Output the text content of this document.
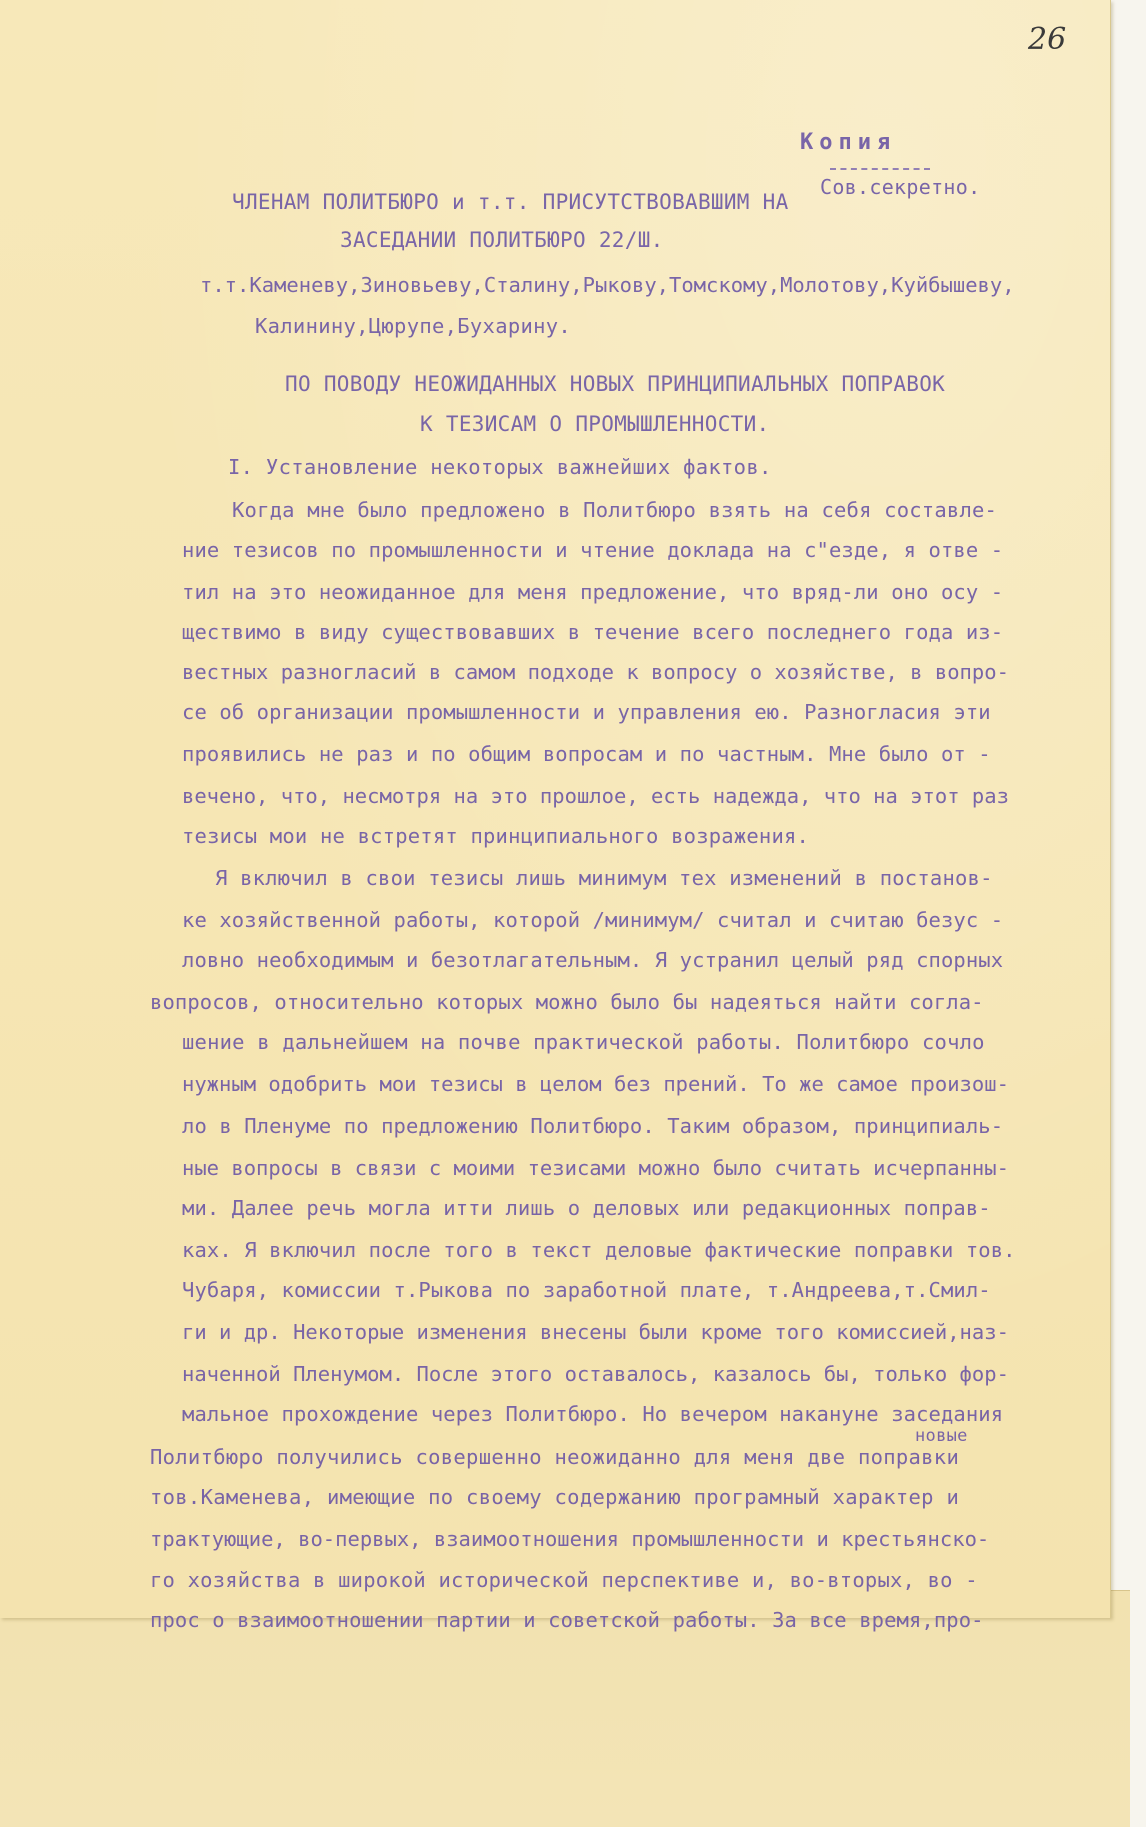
26
Копия
Сов.секретно.
ЧЛЕНАМ ПОЛИТБЮРО и т.т. ПРИСУТСТВОВАВШИМ НА
ЗАСЕДАНИИ ПОЛИТБЮРО 22/Ш.
т.т.Каменеву,Зиновьеву,Сталину,Рыкову,Томскому,Молотову,Куйбышеву,
Калинину,Цюрупе,Бухарину.
ПО ПОВОДУ НЕОЖИДАННЫХ НОВЫХ ПРИНЦИПИАЛЬНЫХ ПОПРАВОК
К ТЕЗИСАМ О ПРОМЫШЛЕННОСТИ.
I. Установление некоторых важнейших фактов.
Когда мне было предложено в Политбюро взять на себя составле-
ние тезисов по промышленности и чтение доклада на с"езде, я отве -
тил на это неожиданное для меня предложение, что вряд-ли оно осу -
ществимо в виду существовавших в течение всего последнего года из-
вестных разногласий в самом подходе к вопросу о хозяйстве, в вопро-
се об организации промышленности и управления ею. Разногласия эти
проявились не раз и по общим вопросам и по частным. Мне было от -
вечено, что, несмотря на это прошлое, есть надежда, что на этот раз
тезисы мои не встретят принципиального возражения.
Я включил в свои тезисы лишь минимум тех изменений в постанов-
ке хозяйственной работы, которой /минимум/ считал и считаю безус -
ловно необходимым и безотлагательным. Я устранил целый ряд спорных
вопросов, относительно которых можно было бы надеяться найти согла-
шение в дальнейшем на почве практической работы. Политбюро сочло
нужным одобрить мои тезисы в целом без прений. То же самое произош-
ло в Пленуме по предложению Политбюро. Таким образом, принципиаль-
ные вопросы в связи с моими тезисами можно было считать исчерпанны-
ми. Далее речь могла итти лишь о деловых или редакционных поправ-
ках. Я включил после того в текст деловые фактические поправки тов.
Чубаря, комиссии т.Рыкова по заработной плате, т.Андреева,т.Смил-
ги и др. Некоторые изменения внесены были кроме того комиссией,наз-
наченной Пленумом. После этого оставалось, казалось бы, только фор-
мальное прохождение через Политбюро. Но вечером накануне заседания
новые
Политбюро получились совершенно неожиданно для меня две поправки
тов.Каменева, имеющие по своему содержанию програмный характер и
трактующие, во-первых, взаимоотношения промышленности и крестьянско-
го хозяйства в широкой исторической перспективе и, во-вторых, во -
прос о взаимоотношении партии и советской работы. За все время,про-
